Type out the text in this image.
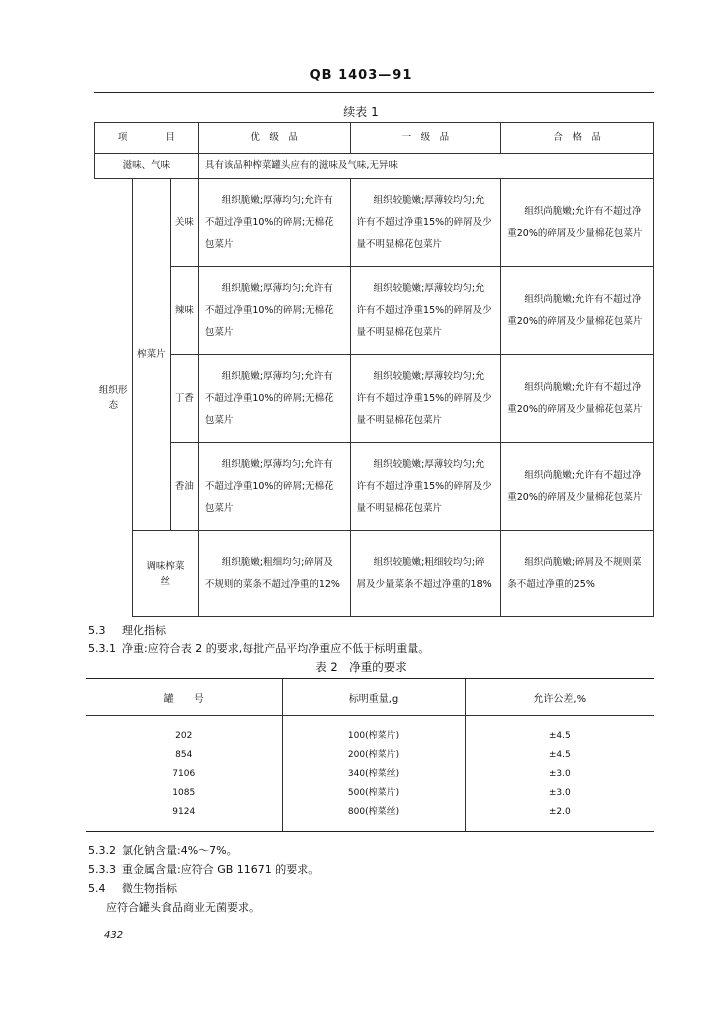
QB 1403—91
续表 1
项　　　　目			优　级　品	一　级　品	合　格　品
滋味、气味			具有该品种榨菜罐头应有的滋味及气味,无异味		
组织形态	榨菜片	关味	组织脆嫩;厚薄均匀;允许有不超过净重10%的碎屑;无棉花包菜片	组织较脆嫩;厚薄较均匀;允许有不超过净重15%的碎屑及少量不明显棉花包菜片	组织尚脆嫩;允许有不超过净重20%的碎屑及少量棉花包菜片
		辣味	组织脆嫩;厚薄均匀;允许有不超过净重10%的碎屑;无棉花包菜片	组织较脆嫩;厚薄较均匀;允许有不超过净重15%的碎屑及少量不明显棉花包菜片	组织尚脆嫩;允许有不超过净重20%的碎屑及少量棉花包菜片
		丁香	组织脆嫩;厚薄均匀;允许有不超过净重10%的碎屑;无棉花包菜片	组织较脆嫩;厚薄较均匀;允许有不超过净重15%的碎屑及少量不明显棉花包菜片	组织尚脆嫩;允许有不超过净重20%的碎屑及少量棉花包菜片
		香油	组织脆嫩;厚薄均匀;允许有不超过净重10%的碎屑;无棉花包菜片	组织较脆嫩;厚薄较均匀;允许有不超过净重15%的碎屑及少量不明显棉花包菜片	组织尚脆嫩;允许有不超过净重20%的碎屑及少量棉花包菜片
	调味榨菜丝		组织脆嫩;粗细均匀;碎屑及不规则的菜条不超过净重的12%	组织较脆嫩;粗细较均匀;碎屑及少量菜条不超过净重的18%	组织尚脆嫩;碎屑及不规则菜条不超过净重的25%
5.3 理化指标
5.3.1 净重:应符合表 2 的要求,每批产品平均净重应不低于标明重量。
表 2　净重的要求
罐　　号	标明重量,g	允许公差,%
202	100(榨菜片)	±4.5
854	200(榨菜片)	±4.5
7106	340(榨菜丝)	±3.0
1085	500(榨菜片)	±3.0
9124	800(榨菜丝)	±2.0
5.3.2 氯化钠含量:4%～7%。
5.3.3 重金属含量:应符合 GB 11671 的要求。
5.4 微生物指标
应符合罐头食品商业无菌要求。
432
